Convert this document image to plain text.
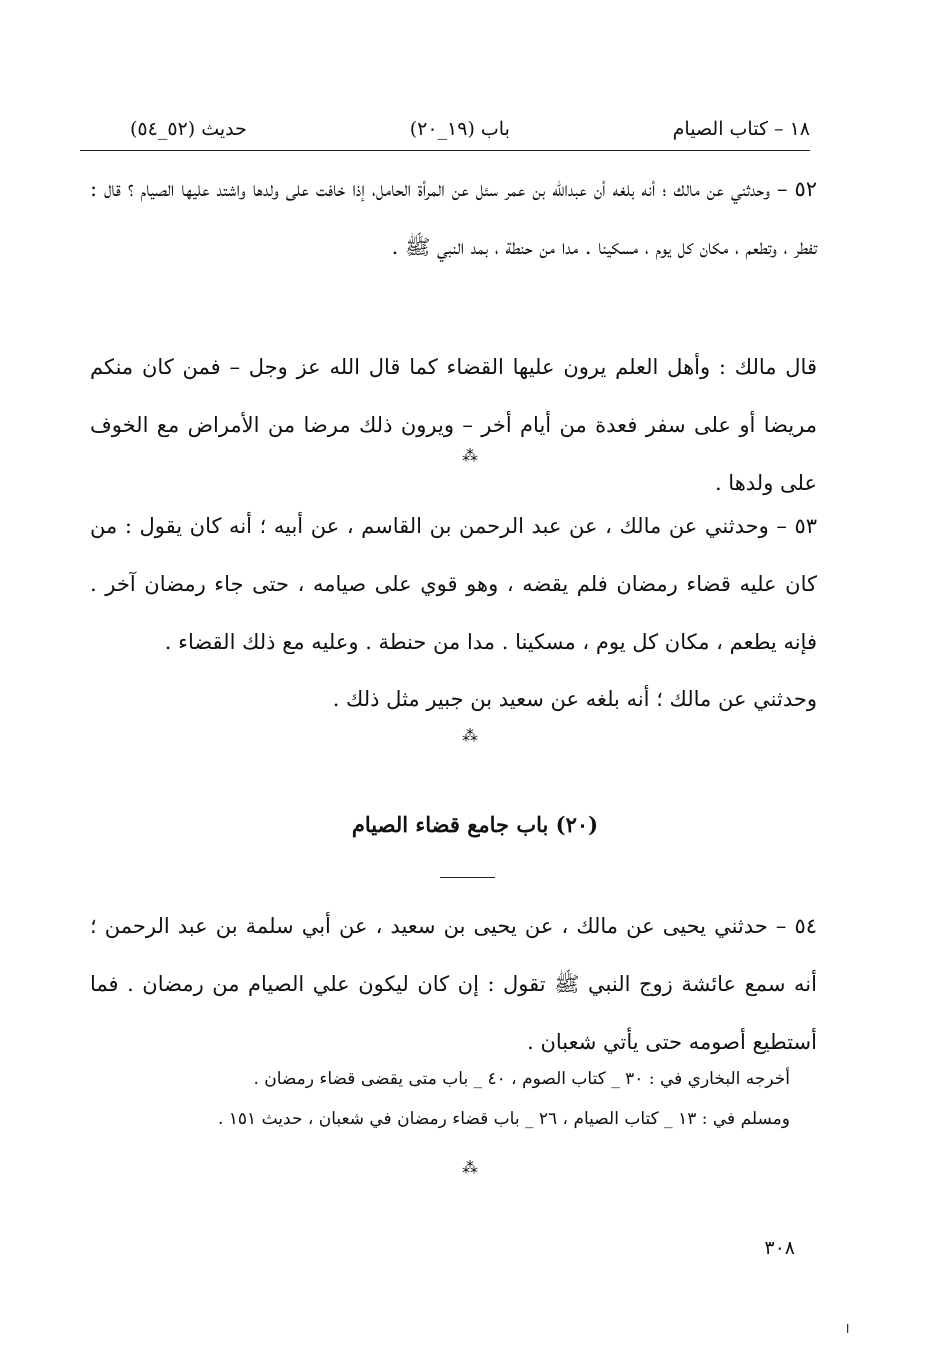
١٨ – كتاب الصيام
(١٩_٢٠) باب
(٥٢_٥٤) حديث

٥٢ – وحدثني عن مالك ؛ أنه بلغه أن عبدالله بن عمر سئل عن المرأة الحامل، إذا خافت على ولدها واشتد عليها الصيام ؟ قال : تفطر ، وتطعم ، مكان كل يوم ، مسكينا . مدا من حنطة ، بمد النبي ﷺ .

قال مالك : وأهل العلم يرون عليها القضاء كما قال الله عز وجل – فمن كان منكم مريضا أو على سفر فعدة من أيام أخر – ويرون ذلك مرضا من الأمراض مع الخوف على ولدها .

⁂

٥٣ – وحدثني عن مالك ، عن عبد الرحمن بن القاسم ، عن أبيه ؛ أنه كان يقول : من كان عليه قضاء رمضان فلم يقضه ، وهو قوي على صيامه ، حتى جاء رمضان آخر . فإنه يطعم ، مكان كل يوم ، مسكينا . مدا من حنطة . وعليه مع ذلك القضاء .

وحدثني عن مالك ؛ أنه بلغه عن سعيد بن جبير مثل ذلك .

⁂
(٢٠) باب جامع قضاء الصيام

٥٤ – حدثني يحيى عن مالك ، عن يحيى بن سعيد ، عن أبي سلمة بن عبد الرحمن ؛ أنه سمع عائشة زوج النبي ﷺ تقول : إن كان ليكون علي الصيام من رمضان . فما أستطيع أصومه حتى يأتي شعبان .

أخرجه البخاري في : ٣٠ _ كتاب الصوم ، ٤٠ _ باب متى يقضى قضاء رمضان .

ومسلم في : ١٣ _ كتاب الصيام ، ٢٦ _ باب قضاء رمضان في شعبان ، حديث ١٥١ .

⁂
٣٠٨
ا
